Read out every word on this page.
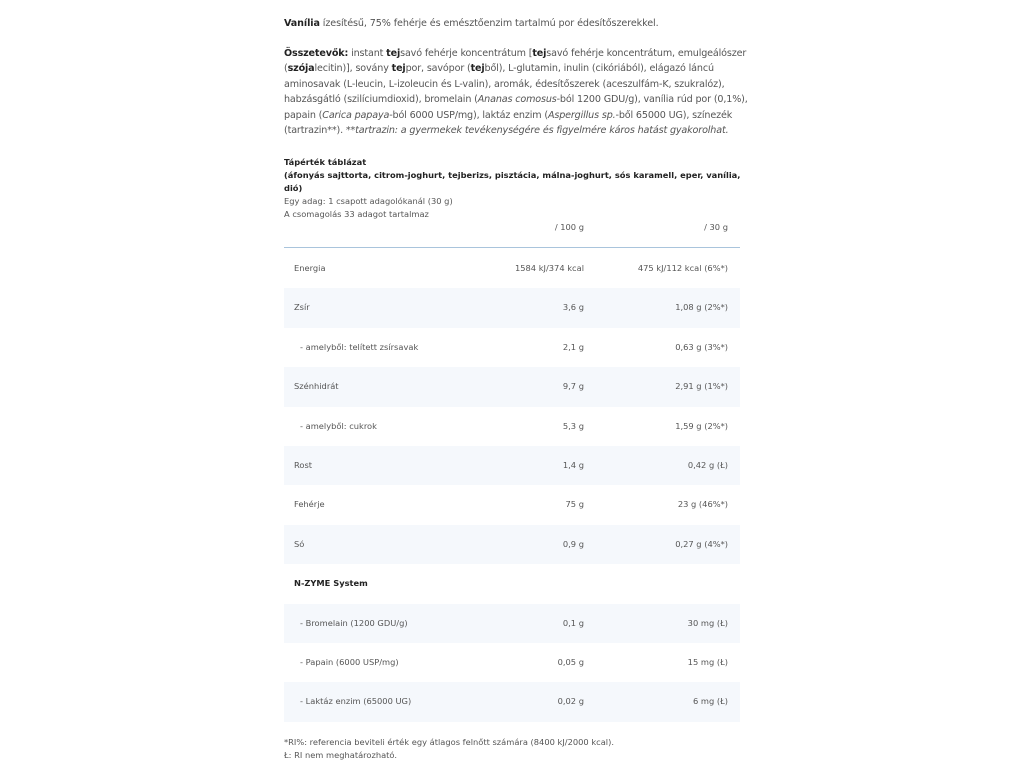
Vanília ízesítésű, 75% fehérje és emésztőenzim tartalmú por édesítőszerekkel.

Összetevők: instant tejsavó fehérje koncentrátum [tejsavó fehérje koncentrátum, emulgeálószer (szójalecitin)], sovány tejpor, savópor (tejből), L-glutamin, inulin (cikóriából), elágazó láncú aminosavak (L-leucin, L-izoleucin és L-valin), aromák, édesítőszerek (aceszulfám-K, szukralóz), habzásgátló (szilíciumdioxid), bromelain (Ananas comosus-ból 1200 GDU/g), vanília rúd por (0,1%), papain (Carica papaya-ból 6000 USP/mg), laktáz enzim (Aspergillus sp.-ből 65000 UG), színezék (tartrazin**). **tartrazin: a gyermekek tevékenységére és figyelmére káros hatást gyakorolhat.

Tápérték táblázat
(áfonyás sajttorta, citrom-joghurt, tejberizs, pisztácia, málna-joghurt, sós karamell, eper, vanília, dió)
Egy adag: 1 csapott adagolókanál (30 g)
A csomagolás 33 adagot tartalmaz
/ 100 g	/ 30 g
Energia	1584 kJ/374 kcal	475 kJ/112 kcal (6%*)
Zsír	3,6 g	1,08 g (2%*)
- amelyből: telített zsírsavak	2,1 g	0,63 g (3%*)
Szénhidrát	9,7 g	2,91 g (1%*)
- amelyből: cukrok	5,3 g	1,59 g (2%*)
Rost	1,4 g	0,42 g (Ł)
Fehérje	75 g	23 g (46%*)
Só	0,9 g	0,27 g (4%*)
N-ZYME System
- Bromelain (1200 GDU/g)	0,1 g	30 mg (Ł)
- Papain (6000 USP/mg)	0,05 g	15 mg (Ł)
- Laktáz enzim (65000 UG)	0,02 g	6 mg (Ł)
*RI%: referencia beviteli érték egy átlagos felnőtt számára (8400 kJ/2000 kcal).
Ł: RI nem meghatározható.
